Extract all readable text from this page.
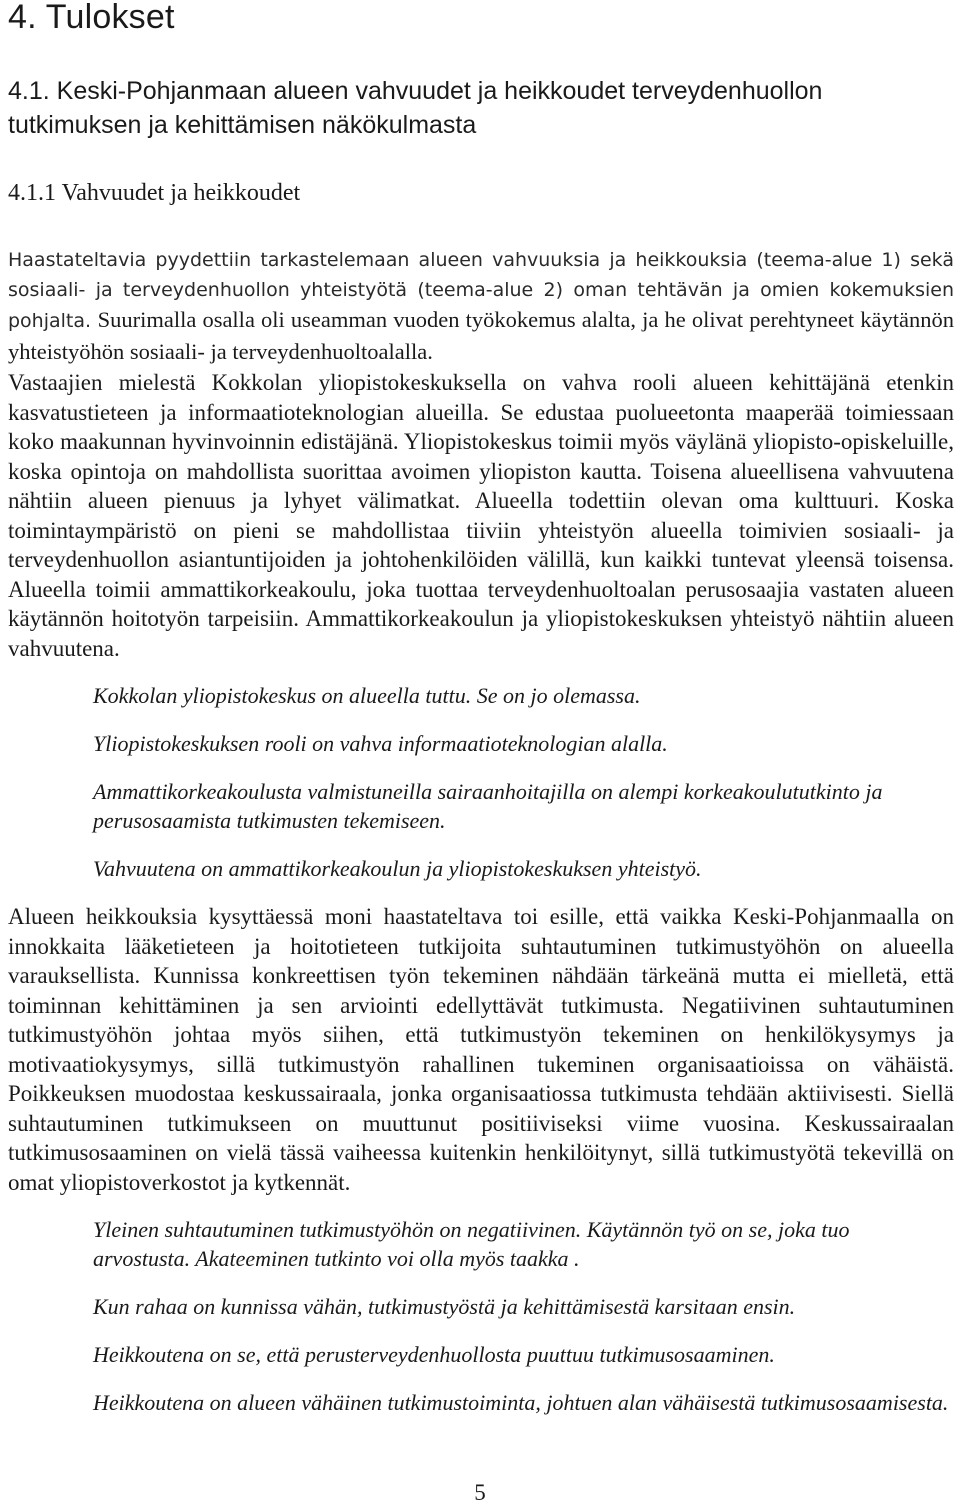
4. Tulokset
4.1. Keski-Pohjanmaan alueen vahvuudet ja heikkoudet terveydenhuollon tutkimuksen ja kehittämisen näkökulmasta
4.1.1 Vahvuudet ja heikkoudet
Haastateltavia pyydettiin tarkastelemaan alueen vahvuuksia ja heikkouksia (teema-alue 1) sekä sosiaali- ja terveydenhuollon yhteistyötä (teema-alue 2) oman tehtävän ja omien kokemuksien pohjalta. Suurimalla osalla oli useamman vuoden työkokemus alalta, ja he olivat perehtyneet käytännön yhteistyöhön sosiaali- ja terveydenhuoltoalalla.

Vastaajien mielestä Kokkolan yliopistokeskuksella on vahva rooli alueen kehittäjänä etenkin kasvatustieteen ja informaatioteknologian alueilla. Se edustaa puolueetonta maaperää toimiessaan koko maakunnan hyvinvoinnin edistäjänä. Yliopistokeskus toimii myös väylänä yliopisto-opiskeluille, koska opintoja on mahdollista suorittaa avoimen yliopiston kautta. Toisena alueellisena vahvuutena nähtiin alueen pienuus ja lyhyet välimatkat. Alueella todettiin olevan oma kulttuuri. Koska toimintaympäristö on pieni se mahdollistaa tiiviin yhteistyön alueella toimivien sosiaali- ja terveydenhuollon asiantuntijoiden ja johtohenkilöiden välillä, kun kaikki tuntevat yleensä toisensa. Alueella toimii ammattikorkeakoulu, joka tuottaa terveydenhuoltoalan perusosaajia vastaten alueen käytännön hoitotyön tarpeisiin. Ammattikorkeakoulun ja yliopistokeskuksen yhteistyö nähtiin alueen vahvuutena.

Kokkolan yliopistokeskus on alueella tuttu. Se on jo olemassa.

Yliopistokeskuksen rooli on vahva informaatioteknologian alalla.

Ammattikorkeakoulusta valmistuneilla sairaanhoitajilla on alempi korkeakoulututkinto ja perusosaamista tutkimusten tekemiseen.

Vahvuutena on ammattikorkeakoulun ja yliopistokeskuksen yhteistyö.

Alueen heikkouksia kysyttäessä moni haastateltava toi esille, että vaikka Keski-Pohjanmaalla on innokkaita lääketieteen ja hoitotieteen tutkijoita suhtautuminen tutkimustyöhön on alueella varauksellista. Kunnissa konkreettisen työn tekeminen nähdään tärkeänä mutta ei mielletä, että toiminnan kehittäminen ja sen arviointi edellyttävät tutkimusta. Negatiivinen suhtautuminen tutkimustyöhön johtaa myös siihen, että tutkimustyön tekeminen on henkilökysymys ja motivaatiokysymys, sillä tutkimustyön rahallinen tukeminen organisaatioissa on vähäistä. Poikkeuksen muodostaa keskussairaala, jonka organisaatiossa tutkimusta tehdään aktiivisesti. Siellä suhtautuminen tutkimukseen on muuttunut positiiviseksi viime vuosina. Keskussairaalan tutkimusosaaminen on vielä tässä vaiheessa kuitenkin henkilöitynyt, sillä tutkimustyötä tekevillä on omat yliopistoverkostot ja kytkennät.

Yleinen suhtautuminen tutkimustyöhön on negatiivinen. Käytännön työ on se, joka tuo arvostusta. Akateeminen tutkinto voi olla myös taakka .

Kun rahaa on kunnissa vähän, tutkimustyöstä ja kehittämisestä karsitaan ensin.

Heikkoutena on se, että perusterveydenhuollosta puuttuu tutkimusosaaminen.

Heikkoutena on alueen vähäinen tutkimustoiminta, johtuen alan vähäisestä tutkimusosaamisesta.

5
